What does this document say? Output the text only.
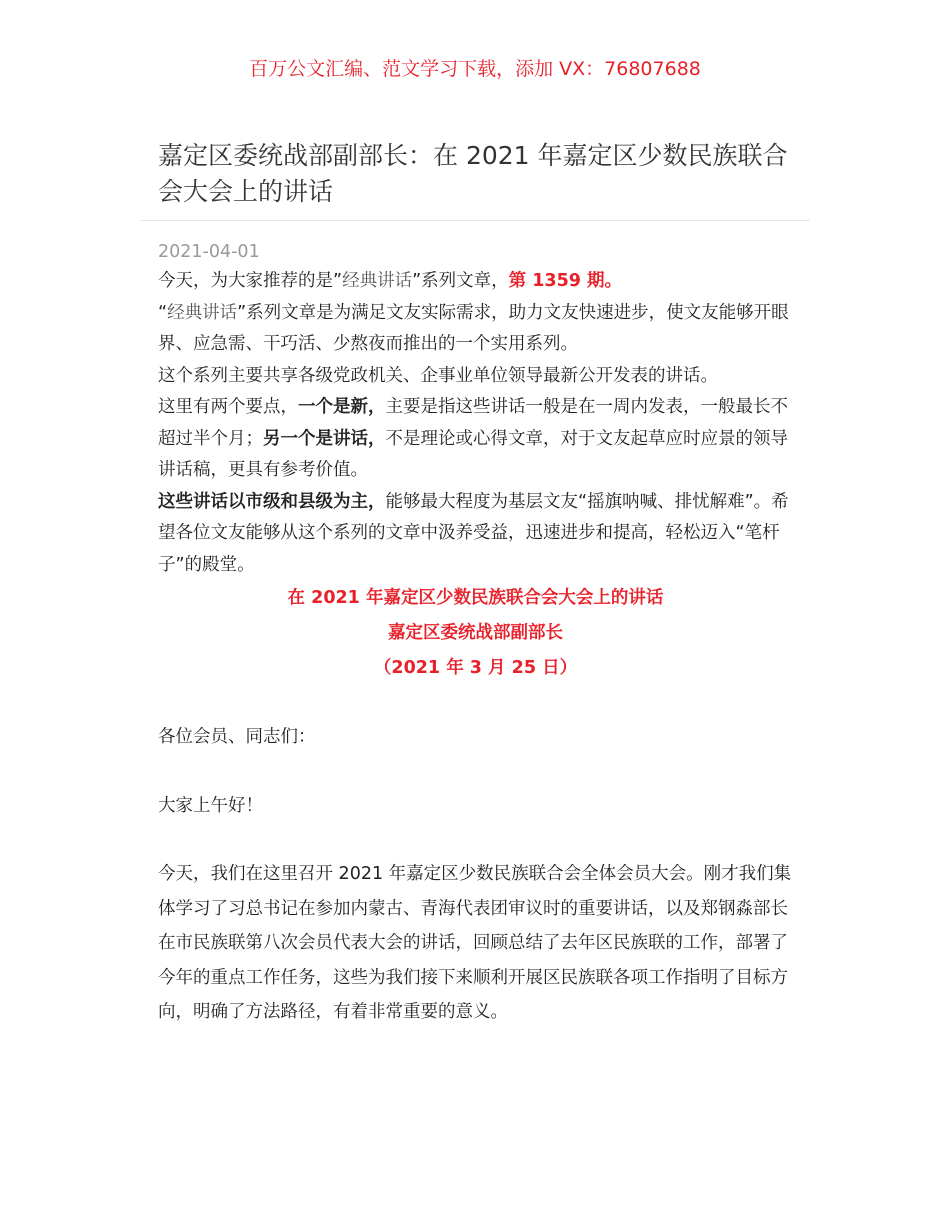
百万公文汇编、范文学习下载，添加 VX：76807688
嘉定区委统战部副部长：在 2021 年嘉定区少数民族联合会大会上的讲话
2021-04-01

今天，为大家推荐的是”经典讲话”系列文章，第 1359 期。

“经典讲话”系列文章是为满足文友实际需求，助力文友快速进步，使文友能够开眼界、应急需、干巧活、少熬夜而推出的一个实用系列。

这个系列主要共享各级党政机关、企事业单位领导最新公开发表的讲话。

这里有两个要点，一个是新，主要是指这些讲话一般是在一周内发表，一般最长不超过半个月；另一个是讲话，不是理论或心得文章，对于文友起草应时应景的领导讲话稿，更具有参考价值。

这些讲话以市级和县级为主，能够最大程度为基层文友“摇旗呐喊、排忧解难”。希望各位文友能够从这个系列的文章中汲养受益，迅速进步和提高，轻松迈入“笔杆子”的殿堂。

在 2021 年嘉定区少数民族联合会大会上的讲话
嘉定区委统战部副部长
（2021 年 3 月 25 日）

各位会员、同志们：

大家上午好！

今天，我们在这里召开 2021 年嘉定区少数民族联合会全体会员大会。刚才我们集体学习了习总书记在参加内蒙古、青海代表团审议时的重要讲话，以及郑钢淼部长在市民族联第八次会员代表大会的讲话，回顾总结了去年区民族联的工作，部署了今年的重点工作任务，这些为我们接下来顺利开展区民族联各项工作指明了目标方向，明确了方法路径，有着非常重要的意义。
